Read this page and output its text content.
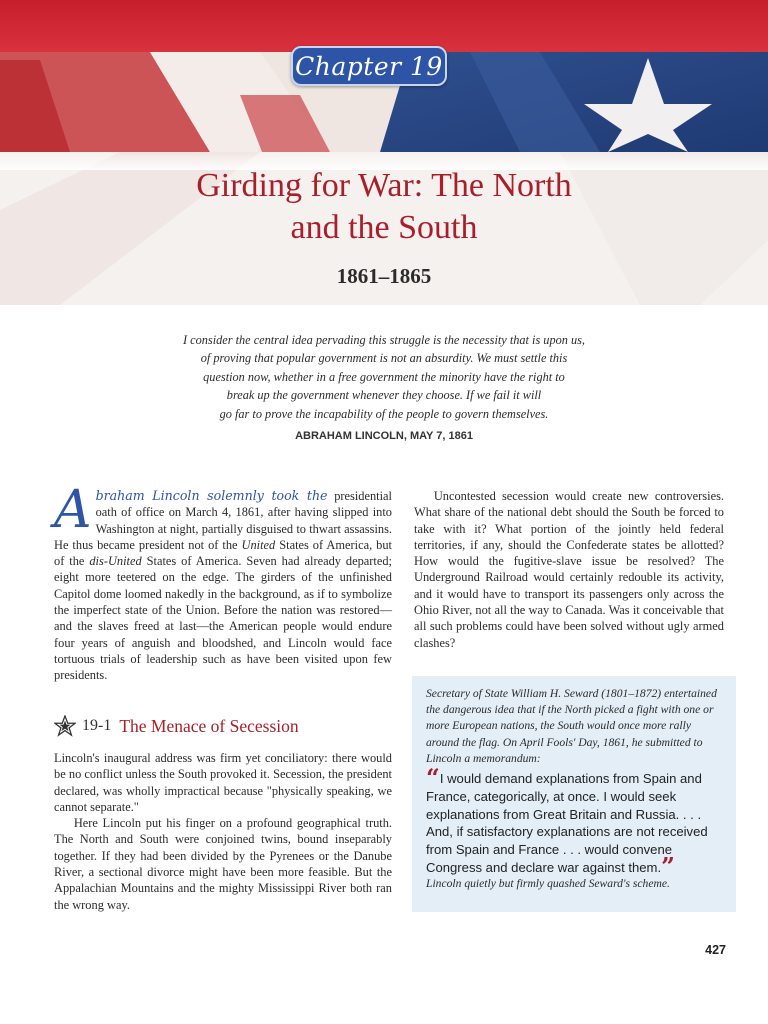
Chapter 19
Girding for War: The North
and the South
1861–1865
I consider the central idea pervading this struggle is the necessity that is upon us,
of proving that popular government is not an absurdity. We must settle this
question now, whether in a free government the minority have the right to
break up the government whenever they choose. If we fail it will
go far to prove the incapability of the people to govern themselves.
ABRAHAM LINCOLN, MAY 7, 1861

Abraham Lincoln solemnly took the presidential oath of office on March 4, 1861, after having slipped into Washington at night, partially disguised to thwart assassins. He thus became president not of the United States of America, but of the dis-United States of America. Seven had already departed; eight more teetered on the edge. The girders of the unfinished Capitol dome loomed nakedly in the background, as if to symbolize the imperfect state of the Union. Before the nation was restored—and the slaves freed at last—the American people would endure four years of anguish and bloodshed, and Lincoln would face tortuous trials of leadership such as have been visited upon few presidents.

19-1 The Menace of Secession

Lincoln's inaugural address was firm yet conciliatory: there would be no conflict unless the South provoked it. Secession, the president declared, was wholly impractical because "physically speaking, we cannot separate."

Here Lincoln put his finger on a profound geographical truth. The North and South were conjoined twins, bound inseparably together. If they had been divided by the Pyrenees or the Danube River, a sectional divorce might have been more feasible. But the Appalachian Mountains and the mighty Mississippi River both ran the wrong way.

Uncontested secession would create new controversies. What share of the national debt should the South be forced to take with it? What portion of the jointly held federal territories, if any, should the Confederate states be allotted? How would the fugitive-slave issue be resolved? The Underground Railroad would certainly redouble its activity, and it would have to transport its passengers only across the Ohio River, not all the way to Canada. Was it conceivable that all such problems could have been solved without ugly armed clashes?

Secretary of State William H. Seward (1801–1872) entertained the dangerous idea that if the North picked a fight with one or more European nations, the South would once more rally around the flag. On April Fools' Day, 1861, he submitted to Lincoln a memorandum:
“I would demand explanations from Spain and France, categorically, at once. I would seek explanations from Great Britain and Russia. . . . And, if satisfactory explanations are not received from Spain and France . . . would convene Congress and declare war against them.”
Lincoln quietly but firmly quashed Seward's scheme.
427
